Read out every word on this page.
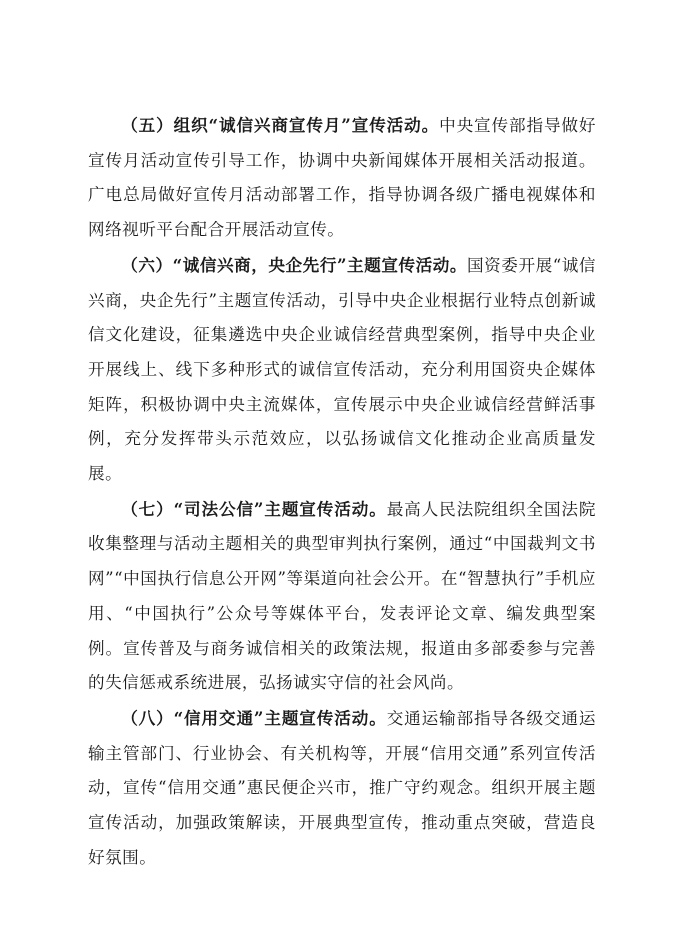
（五）组织“诚信兴商宣传月”宣传活动。中央宣传部指导做好宣传月活动宣传引导工作，协调中央新闻媒体开展相关活动报道。广电总局做好宣传月活动部署工作，指导协调各级广播电视媒体和网络视听平台配合开展活动宣传。

（六）“诚信兴商，央企先行”主题宣传活动。国资委开展“诚信兴商，央企先行”主题宣传活动，引导中央企业根据行业特点创新诚信文化建设，征集遴选中央企业诚信经营典型案例，指导中央企业开展线上、线下多种形式的诚信宣传活动，充分利用国资央企媒体矩阵，积极协调中央主流媒体，宣传展示中央企业诚信经营鲜活事例，充分发挥带头示范效应，以弘扬诚信文化推动企业高质量发展。

（七）“司法公信”主题宣传活动。最高人民法院组织全国法院收集整理与活动主题相关的典型审判执行案例，通过“中国裁判文书网”“中国执行信息公开网”等渠道向社会公开。在“智慧执行”手机应用、“中国执行”公众号等媒体平台，发表评论文章、编发典型案例。宣传普及与商务诚信相关的政策法规，报道由多部委参与完善的失信惩戒系统进展，弘扬诚实守信的社会风尚。

（八）“信用交通”主题宣传活动。交通运输部指导各级交通运输主管部门、行业协会、有关机构等，开展“信用交通”系列宣传活动，宣传“信用交通”惠民便企兴市，推广守约观念。组织开展主题宣传活动，加强政策解读，开展典型宣传，推动重点突破，营造良好氛围。
